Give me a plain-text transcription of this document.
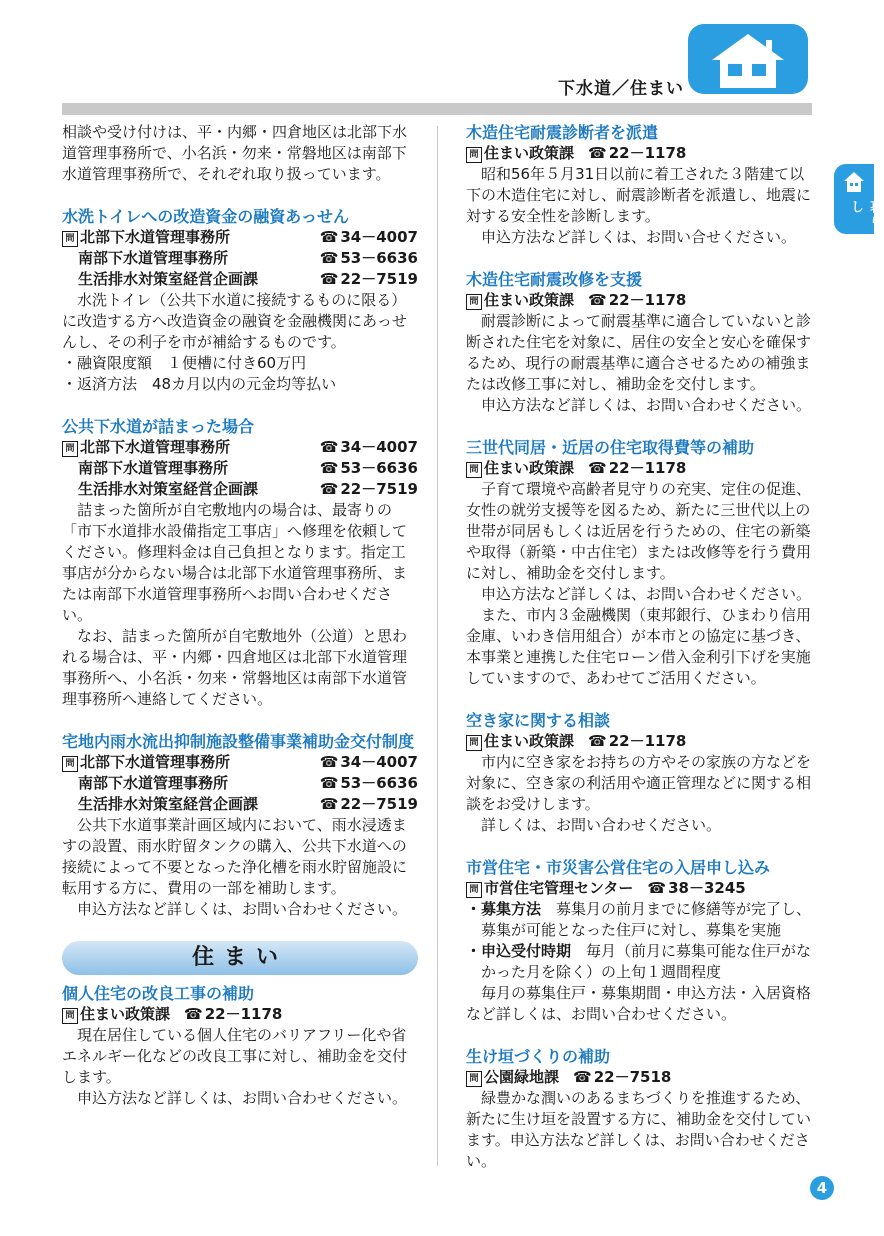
下水道／住まい
暮らし

相談や受け付けは、平・内郷・四倉地区は北部下水道管理事務所で、小名浜・勿来・常磐地区は南部下水道管理事務所で、それぞれ取り扱っています。

水洗トイレへの改造資金の融資あっせん
問 北部下水道管理事務所	☎ 34－4007
南部下水道管理事務所	☎ 53－6636
生活排水対策室経営企画課	☎ 22－7519

水洗トイレ（公共下水道に接続するものに限る）に改造する方へ改造資金の融資を金融機関にあっせんし、その利子を市が補給するものです。

・融資限度額　１便槽に付き60万円
・返済方法　48カ月以内の元金均等払い
公共下水道が詰まった場合
問 北部下水道管理事務所	☎ 34－4007
南部下水道管理事務所	☎ 53－6636
生活排水対策室経営企画課	☎ 22－7519

詰まった箇所が自宅敷地内の場合は、最寄りの「市下水道排水設備指定工事店」へ修理を依頼してください。修理料金は自己負担となります。指定工事店が分からない場合は北部下水道管理事務所、または南部下水道管理事務所へお問い合わせください。

なお、詰まった箇所が自宅敷地外（公道）と思われる場合は、平・内郷・四倉地区は北部下水道管理事務所へ、小名浜・勿来・常磐地区は南部下水道管理事務所へ連絡してください。

宅地内雨水流出抑制施設整備事業補助金交付制度
問 北部下水道管理事務所	☎ 34－4007
南部下水道管理事務所	☎ 53－6636
生活排水対策室経営企画課	☎ 22－7519

公共下水道事業計画区域内において、雨水浸透ますの設置、雨水貯留タンクの購入、公共下水道への接続によって不要となった浄化槽を雨水貯留施設に転用する方に、費用の一部を補助します。

申込方法など詳しくは、お問い合わせください。

住まい
個人住宅の改良工事の補助
問 住まい政策課 ☎ 22－1178

現在居住している個人住宅のバリアフリー化や省エネルギー化などの改良工事に対し、補助金を交付します。

申込方法など詳しくは、お問い合わせください。

木造住宅耐震診断者を派遣
問 住まい政策課 ☎ 22－1178

昭和56年５月31日以前に着工された３階建て以下の木造住宅に対し、耐震診断者を派遣し、地震に対する安全性を診断します。

申込方法など詳しくは、お問い合せください。

木造住宅耐震改修を支援
問 住まい政策課 ☎ 22－1178

耐震診断によって耐震基準に適合していないと診断された住宅を対象に、居住の安全と安心を確保するため、現行の耐震基準に適合させるための補強または改修工事に対し、補助金を交付します。

申込方法など詳しくは、お問い合わせください。

三世代同居・近居の住宅取得費等の補助
問 住まい政策課 ☎ 22－1178

子育て環境や高齢者見守りの充実、定住の促進、女性の就労支援等を図るため、新たに三世代以上の世帯が同居もしくは近居を行うための、住宅の新築や取得（新築・中古住宅）または改修等を行う費用に対し、補助金を交付します。

申込方法など詳しくは、お問い合わせください。

また、市内３金融機関（東邦銀行、ひまわり信用金庫、いわき信用組合）が本市との協定に基づき、本事業と連携した住宅ローン借入金利引下げを実施していますので、あわせてご活用ください。

空き家に関する相談
問 住まい政策課 ☎ 22－1178

市内に空き家をお持ちの方やその家族の方などを対象に、空き家の利活用や適正管理などに関する相談をお受けします。

詳しくは、お問い合わせください。

市営住宅・市災害公営住宅の入居申し込み
問 市営住宅管理センター ☎ 38－3245
・募集方法　募集月の前月までに修繕等が完了し、募集が可能となった住戸に対し、募集を実施
・申込受付時期　毎月（前月に募集可能な住戸がなかった月を除く）の上旬１週間程度

毎月の募集住戸・募集期間・申込方法・入居資格など詳しくは、お問い合わせください。

生け垣づくりの補助
問 公園緑地課 ☎ 22－7518

緑豊かな潤いのあるまちづくりを推進するため、新たに生け垣を設置する方に、補助金を交付しています。申込方法など詳しくは、お問い合わせください。

4
